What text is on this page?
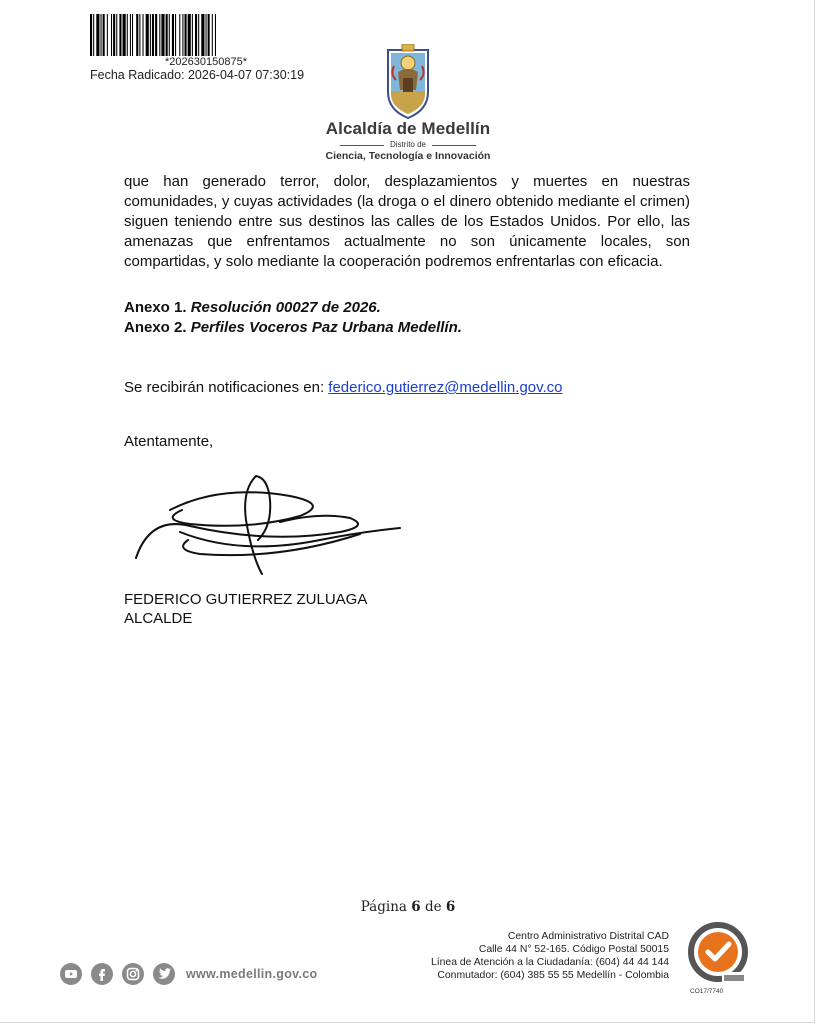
*202630150875*
Fecha Radicado: 2026-04-07 07:30:19
Alcaldía de Medellín
Distrito de
Ciencia, Tecnología e Innovación

que han generado terror, dolor, desplazamientos y muertes en nuestras comunidades, y cuyas actividades (la droga o el dinero obtenido mediante el crimen) siguen teniendo entre sus destinos las calles de los Estados Unidos. Por ello, las amenazas que enfrentamos actualmente no son únicamente locales, son compartidas, y solo mediante la cooperación podremos enfrentarlas con eficacia.

Anexo 1. Resolución 00027 de 2026.
Anexo 2. Perfiles Voceros Paz Urbana Medellín.
Se recibirán notificaciones en: federico.gutierrez@medellin.gov.co
Atentamente,
FEDERICO GUTIERREZ ZULUAGA
ALCALDE
Página 6 de 6
www.medellin.gov.co
Centro Administrativo Distrital CAD
Calle 44 N° 52-165. Código Postal 50015
Línea de Atención a la Ciudadanía: (604) 44 44 144
Conmutador: (604) 385 55 55 Medellín - Colombia
CO17/7740
